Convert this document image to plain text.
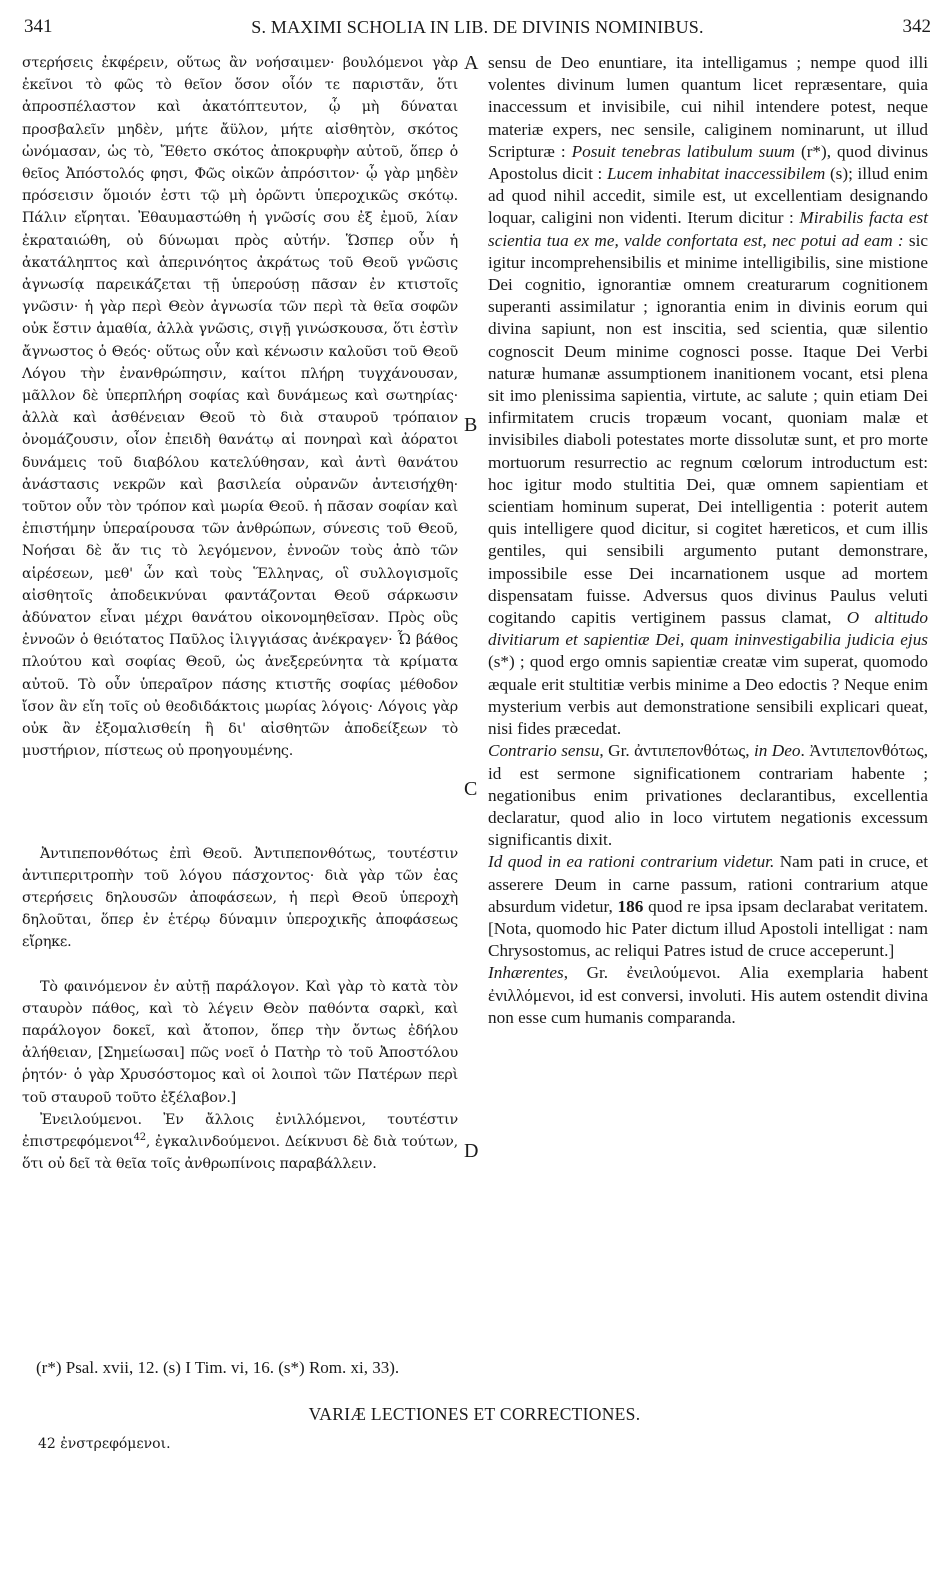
341	S. MAXIMI SCHOLIA IN LIB. DE DIVINIS NOMINIBUS.	342
A
B
C
D

στερήσεις ἐκφέρειν, οὕτως ἂν νοήσαιμεν· βουλόμενοι γὰρ ἐκεῖνοι τὸ φῶς τὸ θεῖον ὅσον οἷόν τε παριστᾶν, ὅτι ἀπροσπέλαστον καὶ ἀκατόπτευτον, ᾧ μὴ δύναται προσβαλεῖν μηδὲν, μήτε ἄϋλον, μήτε αἰσθητὸν, σκότος ὠνόμασαν, ὡς τὸ, Ἔθετο σκότος ἀποκρυφὴν αὐτοῦ, ὅπερ ὁ θεῖος Ἀπόστολός φησι, Φῶς οἰκῶν ἀπρόσιτον· ᾧ γὰρ μηδὲν πρόσεισιν ὅμοιόν ἐστι τῷ μὴ ὁρῶντι ὑπεροχικῶς σκότῳ. Πάλιν εἴρηται. Ἐθαυμαστώθη ἡ γνῶσίς σου ἐξ ἐμοῦ, λίαν ἐκραταιώθη, οὐ δύνωμαι πρὸς αὐτήν. Ὥσπερ οὖν ἡ ἀκατάληπτος καὶ ἀπερινόητος ἀκράτως τοῦ Θεοῦ γνῶσις ἀγνωσίᾳ παρεικάζεται τῇ ὑπερούσῃ πᾶσαν ἐν κτιστοῖς γνῶσιν· ἡ γὰρ περὶ Θεὸν ἀγνωσία τῶν περὶ τὰ θεῖα σοφῶν οὐκ ἔστιν ἀμαθία, ἀλλὰ γνῶσις, σιγῇ γινώσκουσα, ὅτι ἐστὶν ἄγνωστος ὁ Θεός· οὕτως οὖν καὶ κένωσιν καλοῦσι τοῦ Θεοῦ Λόγου τὴν ἐνανθρώπησιν, καίτοι πλήρη τυγχάνουσαν, μᾶλλον δὲ ὑπερπλήρη σοφίας καὶ δυνάμεως καὶ σωτηρίας· ἀλλὰ καὶ ἀσθένειαν Θεοῦ τὸ διὰ σταυροῦ τρόπαιον ὀνομάζουσιν, οἷον ἐπειδὴ θανάτῳ αἱ πονηραὶ καὶ ἀόρατοι δυνάμεις τοῦ διαβόλου κατελύθησαν, καὶ ἀντὶ θανάτου ἀνάστασις νεκρῶν καὶ βασιλεία οὐρανῶν ἀντεισήχθη· τοῦτον οὖν τὸν τρόπον καὶ μωρία Θεοῦ. ἡ πᾶσαν σοφίαν καὶ ἐπιστήμην ὑπεραίρουσα τῶν ἀνθρώπων, σύνεσις τοῦ Θεοῦ, Νοήσαι δὲ ἄν τις τὸ λεγόμενον, ἐννοῶν τοὺς ἀπὸ τῶν αἱρέσεων, μεθ' ὧν καὶ τοὺς Ἕλληνας, οἳ συλλογισμοῖς αἰσθητοῖς ἀποδεικνύναι φαντάζονται Θεοῦ σάρκωσιν ἀδύνατον εἶναι μέχρι θανάτου οἰκονομηθεῖσαν. Πρὸς οὓς ἐννοῶν ὁ θειότατος Παῦλος ἰλιγγιάσας ἀνέκραγεν· Ὦ βάθος πλούτου καὶ σοφίας Θεοῦ, ὡς ἀνεξερεύνητα τὰ κρίματα αὐτοῦ. Τὸ οὖν ὑπεραῖρον πάσης κτιστῆς σοφίας μέθοδον ἴσον ἂν εἴη τοῖς οὐ θεοδιδάκτοις μωρίας λόγοις· Λόγοις γὰρ οὐκ ἂν ἐξομαλισθείη ἢ δι' αἰσθητῶν ἀποδείξεων τὸ μυστήριον, πίστεως οὐ προηγουμένης.

Ἀντιπεπονθότως ἐπὶ Θεοῦ. Ἀντιπεπονθότως, τουτέστιν ἀντιπεριτροπὴν τοῦ λόγου πάσχοντος· διὰ γὰρ τῶν ἐας στερήσεις δηλουσῶν ἀποφάσεων, ἡ περὶ Θεοῦ ὑπεροχὴ δηλοῦται, ὅπερ ἐν ἑτέρῳ δύναμιν ὑπεροχικῆς ἀποφάσεως εἴρηκε.

Τὸ φαινόμενον ἐν αὐτῇ παράλογον. Καὶ γὰρ τὸ κατὰ τὸν σταυρὸν πάθος, καὶ τὸ λέγειν Θεὸν παθόντα σαρκὶ, καὶ παράλογον δοκεῖ, καὶ ἄτοπον, ὅπερ τὴν ὄντως ἐδήλου ἀλήθειαν, [Σημείωσαι] πῶς νοεῖ ὁ Πατὴρ τὸ τοῦ Ἀποστόλου ῥητόν· ὁ γὰρ Χρυσόστομος καὶ οἱ λοιποὶ τῶν Πατέρων περὶ τοῦ σταυροῦ τοῦτο ἐξέλαβον.]

Ἐνειλούμενοι. Ἐν ἄλλοις ἐνιλλόμενοι, τουτέστιν ἐπιστρεφόμενοι$^{42}$, ἐγκαλινδούμενοι. Δείκνυσι δὲ διὰ τούτων, ὅτι οὐ δεῖ τὰ θεῖα τοῖς ἀνθρωπίνοις παραβάλλειν.

sensu de Deo enuntiare, ita intelligamus ; nempe quod illi volentes divinum lumen quantum licet repræsentare, quia inaccessum et invisibile, cui nihil intendere potest, neque materiæ expers, nec sensile, caliginem nominarunt, ut illud Scripturæ : Posuit tenebras latibulum suum (r*), quod divinus Apostolus dicit : Lucem inhabitat inaccessibilem (s); illud enim ad quod nihil accedit, simile est, ut excellentiam designando loquar, caligini non videnti. Iterum dicitur : Mirabilis facta est scientia tua ex me, valde confortata est, nec potui ad eam : sic igitur incomprehensibilis et minime intelligibilis, sine mistione Dei cognitio, ignorantiæ omnem creaturarum cognitionem superanti assimilatur ; ignorantia enim in divinis eorum qui divina sapiunt, non est inscitia, sed scientia, quæ silentio cognoscit Deum minime cognosci posse. Itaque Dei Verbi naturæ humanæ assumptionem inanitionem vocant, etsi plena sit imo plenissima sapientia, virtute, ac salute ; quin etiam Dei infirmitatem crucis tropæum vocant, quoniam malæ et invisibiles diaboli potestates morte dissolutæ sunt, et pro morte mortuorum resurrectio ac regnum cœlorum introductum est: hoc igitur modo stultitia Dei, quæ omnem sapientiam et scientiam hominum superat, Dei intelligentia : poterit autem quis intelligere quod dicitur, si cogitet hæreticos, et cum illis gentiles, qui sensibili argumento putant demonstrare, impossibile esse Dei incarnationem usque ad mortem dispensatam fuisse. Adversus quos divinus Paulus veluti cogitando capitis vertiginem passus clamat, O altitudo divitiarum et sapientiæ Dei, quam ininvestigabilia judicia ejus (s*) ; quod ergo omnis sapientiæ creatæ vim superat, quomodo æquale erit stultitiæ verbis minime a Deo edoctis ? Neque enim mysterium verbis aut demonstratione sensibili explicari queat, nisi fides præcedat.

Contrario sensu, Gr. ἀντιπεπονθότως, in Deo. Ἀντιπεπονθότως, id est sermone significationem contrariam habente ; negationibus enim privationes declarantibus, excellentia declaratur, quod alio in loco virtutem negationis excessum significantis dixit.

Id quod in ea rationi contrarium videtur. Nam pati in cruce, et asserere Deum in carne passum, rationi contrarium atque absurdum videtur, 186 quod re ipsa ipsam declarabat veritatem. [Nota, quomodo hic Pater dictum illud Apostoli intelligat : nam Chrysostomus, ac reliqui Patres istud de cruce acceperunt.]

Inhærentes, Gr. ἐνειλούμενοι. Alia exemplaria habent ἐνιλλόμενοι, id est conversi, involuti. His autem ostendit divina non esse cum humanis comparanda.

(r*) Psal. xvii, 12. (s) I Tim. vi, 16. (s*) Rom. xi, 33).
VARIÆ LECTIONES ET CORRECTIONES.
42 ἐνστρεφόμενοι.
